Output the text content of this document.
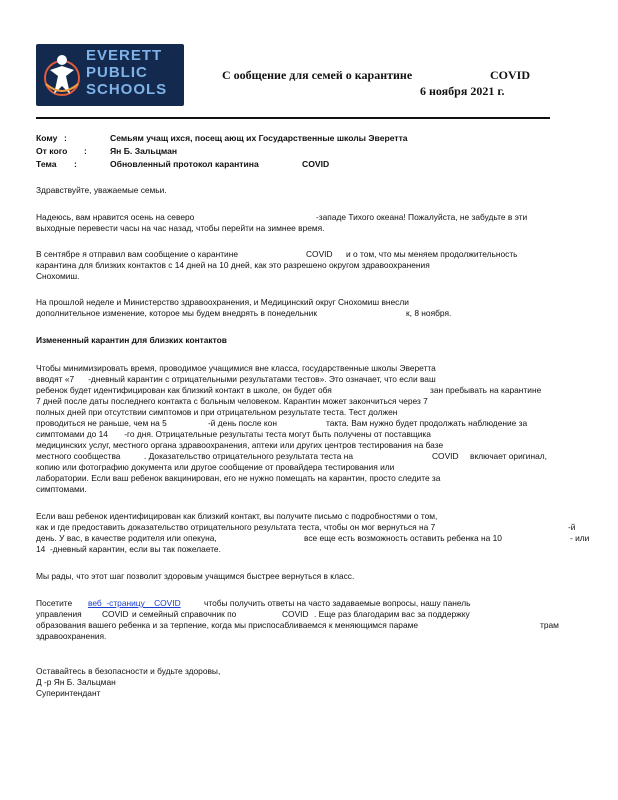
EVERETT
PUBLIC
SCHOOLS
С ообщение для семей о карантине	COVID
6 ноября 2021 г.
Кому :	Семьям учащ ихся, посещ ающ их Государственные школы Эверетта
От кого :	Ян Б. Зальцман
Тема :	Обновленный протокол карантина	COVID
Здравствуйте, уважаемые семьи.
Надеюсь, вам нравится осень на северо	-западе Тихого океана! Пожалуйста, не забудьте в эти
выходные перевести часы на час назад, чтобы перейти на зимнее время.
В сентябре я отправил вам сообщение о карантине	COVID и о том, что мы меняем продолжительность
карантина для близких контактов с 14 дней на 10 дней, как это разрешено округом здравоохранения
Снохомиш.
На прошлой неделе и Министерство здравоохранения, и Медицинский округ Снохомиш внесли
дополнительное изменение, которое мы будем внедрять в понедельник	к, 8 ноября.
Измененный карантин для близких контактов
Чтобы минимизировать время, проводимое учащимися вне класса, государственные школы Эверетта
вводят «7      -дневный карантин с отрицательными результатами тестов». Это означает, что если ваш
ребенок будет идентифицирован как близкий контакт в школе, он будет обя	зан пребывать на карантине
7 дней после даты последнего контакта с больным человеком. Карантин может закончиться через 7
полных дней при отсутствии симптомов и при отрицательном результате теста. Тест должен
проводиться не раньше, чем на 5	-й день после кон	такта. Вам нужно будет продолжать наблюдение за
симптомами до 14       -го дня. Отрицательные результаты теста могут быть получены от поставщика
медицинских услуг, местного органа здравоохранения, аптеки или других центров тестирования на базе
местного сообщества	. Доказательство отрицательного результата теста на	COVID включает оригинал,
копию или фотографию документа или другое сообщение от провайдера тестирования или
лаборатории. Если ваш ребенок вакцинирован, его не нужно помещать на карантин, просто следите за
симптомами.
Если ваш ребенок идентифицирован как близкий контакт, вы получите письмо с подробностями о том,
как и где предоставить доказательство отрицательного результата теста, чтобы он мог вернуться на 7	-й
день. У вас, в качестве родителя или опекуна,	все еще есть возможность оставить ребенка на 10	- или
14  -дневный карантин, если вы так пожелаете.
Мы рады, что этот шаг позволит здоровым учащимся быстрее вернуться в класс.
Посетите веб  -страницу    COVID	чтобы получить ответы на часто задаваемые вопросы, нашу панель
управления COVID и семейный справочник по	COVID . Еще раз благодарим вас за поддержку
образования вашего ребенка и за терпение, когда мы приспосабливаемся к меняющимся параме	трам
здравоохранения.
Оставайтесь в безопасности и будьте здоровы,
Д -р Ян Б. Зальцман
Суперинтендант
